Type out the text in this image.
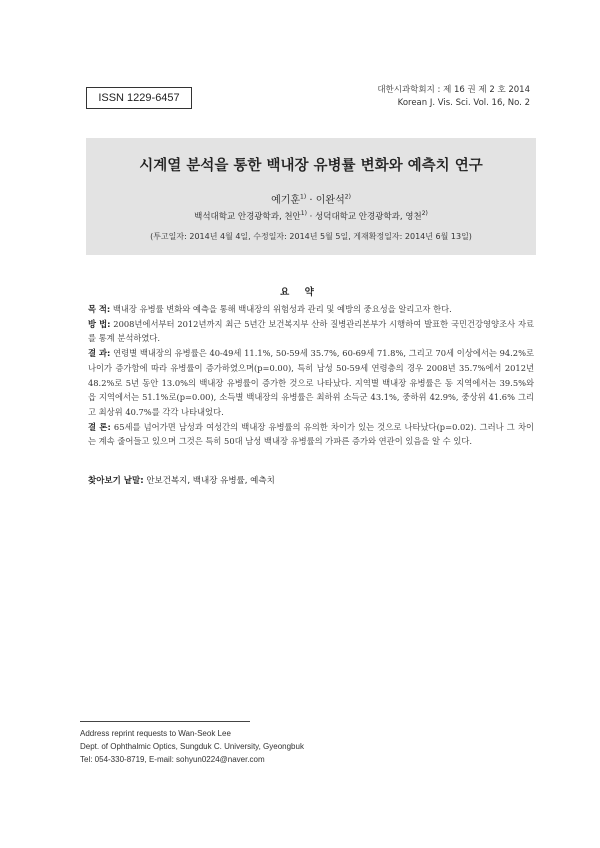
ISSN 1229-6457
대한시과학회지 : 제 16 권 제 2 호 2014
Korean J. Vis. Sci. Vol. 16, No. 2
시계열 분석을 통한 백내장 유병률 변화와 예측치 연구
예기훈$^{1)}$ · 이완석$^{2)}$
백석대학교 안경광학과, 천안$^{1)}$ · 성덕대학교 안경광학과, 영천$^{2)}$
(투고일자: 2014년 4월 4일, 수정일자: 2014년 5월 5일, 게재확정일자: 2014년 6월 13일)
요 약

목 적: 백내장 유병률 변화와 예측을 통해 백내장의 위험성과 관리 및 예방의 중요성을 알리고자 한다.

방 법: 2008년에서부터 2012년까지 최근 5년간 보건복지부 산하 질병관리본부가 시행하여 발표한 국민건강영양조사 자료를 통계 분석하였다.

결 과: 연령별 백내장의 유병률은 40-49세 11.1%, 50-59세 35.7%, 60-69세 71.8%, 그리고 70세 이상에서는 94.2%로 나이가 증가함에 따라 유병률이 증가하였으며(p=0.00), 특히 남성 50-59세 연령층의 경우 2008년 35.7%에서 2012년 48.2%로 5년 동안 13.0%의 백내장 유병률이 증가한 것으로 나타났다. 지역별 백내장 유병률은 동 지역에서는 39.5%와 읍 지역에서는 51.1%로(p=0.00), 소득별 백내장의 유병률은 최하위 소득군 43.1%, 중하위 42.9%, 중상위 41.6% 그리고 최상위 40.7%를 각각 나타내었다.

결 론: 65세를 넘어가면 남성과 여성간의 백내장 유병률의 유의한 차이가 있는 것으로 나타났다(p=0.02). 그러나 그 차이는 계속 줄어들고 있으며 그것은 특히 50대 남성 백내장 유병률의 가파른 증가와 연관이 있음을 알 수 있다.

찾아보기 낱말: 안보건복지, 백내장 유병률, 예측치
Address reprint requests to Wan-Seok Lee
Dept. of Ophthalmic Optics, Sungduk C. University, Gyeongbuk
Tel: 054-330-8719, E-mail: sohyun0224@naver.com
